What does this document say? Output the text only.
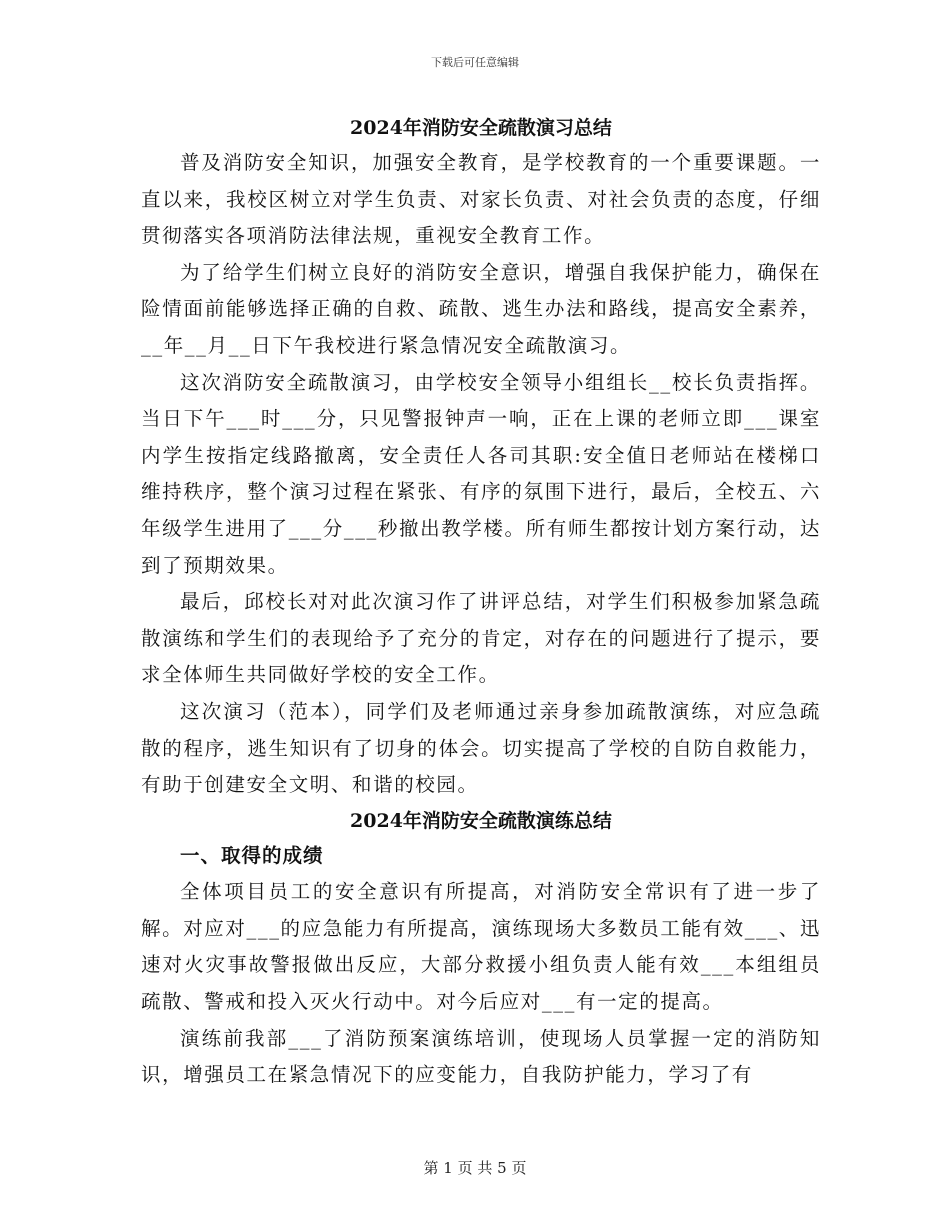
下载后可任意编辑

2024年消防安全疏散演习总结

普及消防安全知识，加强安全教育，是学校教育的一个重要课题。一直以来，我校区树立对学生负责、对家长负责、对社会负责的态度，仔细贯彻落实各项消防法律法规，重视安全教育工作。

为了给学生们树立良好的消防安全意识，增强自我保护能力，确保在险情面前能够选择正确的自救、疏散、逃生办法和路线，提高安全素养，__年__月__日下午我校进行紧急情况安全疏散演习。

这次消防安全疏散演习，由学校安全领导小组组长__校长负责指挥。当日下午___时___分，只见警报钟声一响，正在上课的老师立即___课室内学生按指定线路撤离，安全责任人各司其职:安全值日老师站在楼梯口维持秩序，整个演习过程在紧张、有序的氛围下进行，最后，全校五、六年级学生进用了___分___秒撤出教学楼。所有师生都按计划方案行动，达到了预期效果。

最后，邱校长对对此次演习作了讲评总结，对学生们积极参加紧急疏散演练和学生们的表现给予了充分的肯定，对存在的问题进行了提示，要求全体师生共同做好学校的安全工作。

这次演习（范本），同学们及老师通过亲身参加疏散演练，对应急疏散的程序，逃生知识有了切身的体会。切实提高了学校的自防自救能力，有助于创建安全文明、和谐的校园。

2024年消防安全疏散演练总结

一、取得的成绩

全体项目员工的安全意识有所提高，对消防安全常识有了进一步了解。对应对___的应急能力有所提高，演练现场大多数员工能有效___、迅速对火灾事故警报做出反应，大部分救援小组负责人能有效___本组组员疏散、警戒和投入灭火行动中。对今后应对___有一定的提高。

演练前我部___了消防预案演练培训，使现场人员掌握一定的消防知识，增强员工在紧急情况下的应变能力，自我防护能力，学习了有

第 1 页 共 5 页
